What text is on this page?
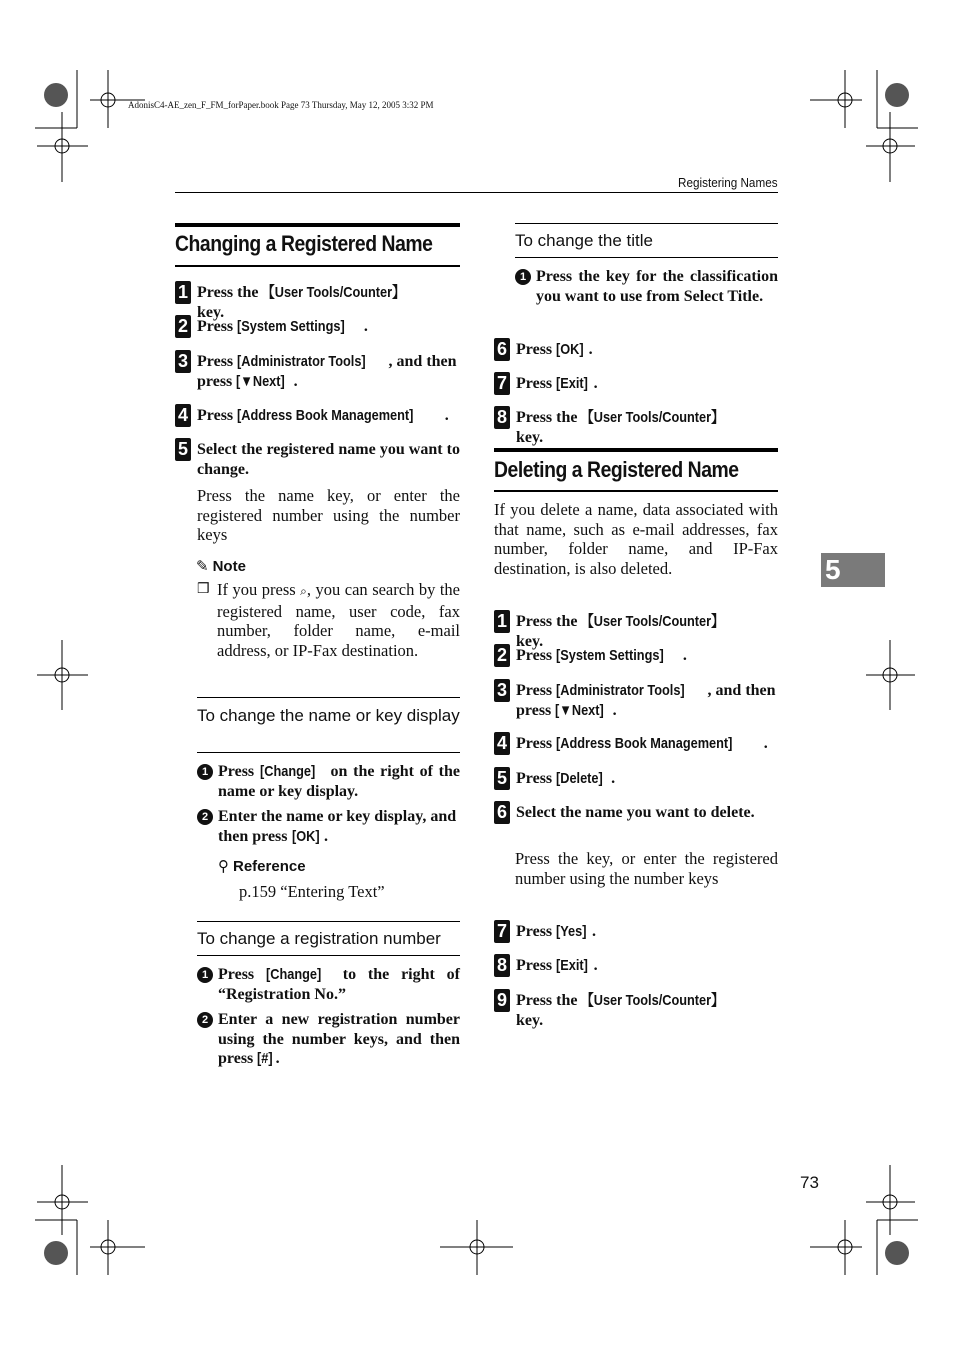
AdonisC4-AE_zen_F_FM_forPaper.book Page 73 Thursday, May 12, 2005 3:32 PM
Registering Names
Changing a Registered Name
1 Press the 【User Tools/Counter】 key.
2 Press [System Settings] .
3 Press [Administrator Tools] , and then press [▼Next] .
4 Press [Address Book Management] .
5 Select the registered name you want to change.
Press the name key, or enter the registered number using the number keys
✎ Note
❒ If you press ⌕, you can search by the registered name, user code, fax number, folder name, e-mail address, or IP-Fax destination.
To change the name or key display
1 Press [Change] on the right of the name or key display.
2 Enter the name or key display, and then press [OK] .
⚲ Reference
p.159 “Entering Text”
To change a registration number
1 Press [Change] to the right of “Registration No.”
2 Enter a new registration number using the number keys, and then press [#] .
To change the title
1 Press the key for the classification you want to use from Select Title.
6 Press [OK] .
7 Press [Exit] .
8 Press the 【User Tools/Counter】 key.
Deleting a Registered Name
If you delete a name, data associated with that name, such as e-mail addresses, fax number, folder name, and IP-Fax destination, is also deleted.
1 Press the 【User Tools/Counter】 key.
2 Press [System Settings] .
3 Press [Administrator Tools] , and then press [▼Next] .
4 Press [Address Book Management] .
5 Press [Delete] .
6 Select the name you want to delete.
Press the key, or enter the registered number using the number keys
7 Press [Yes] .
8 Press [Exit] .
9 Press the 【User Tools/Counter】 key.
5
73
